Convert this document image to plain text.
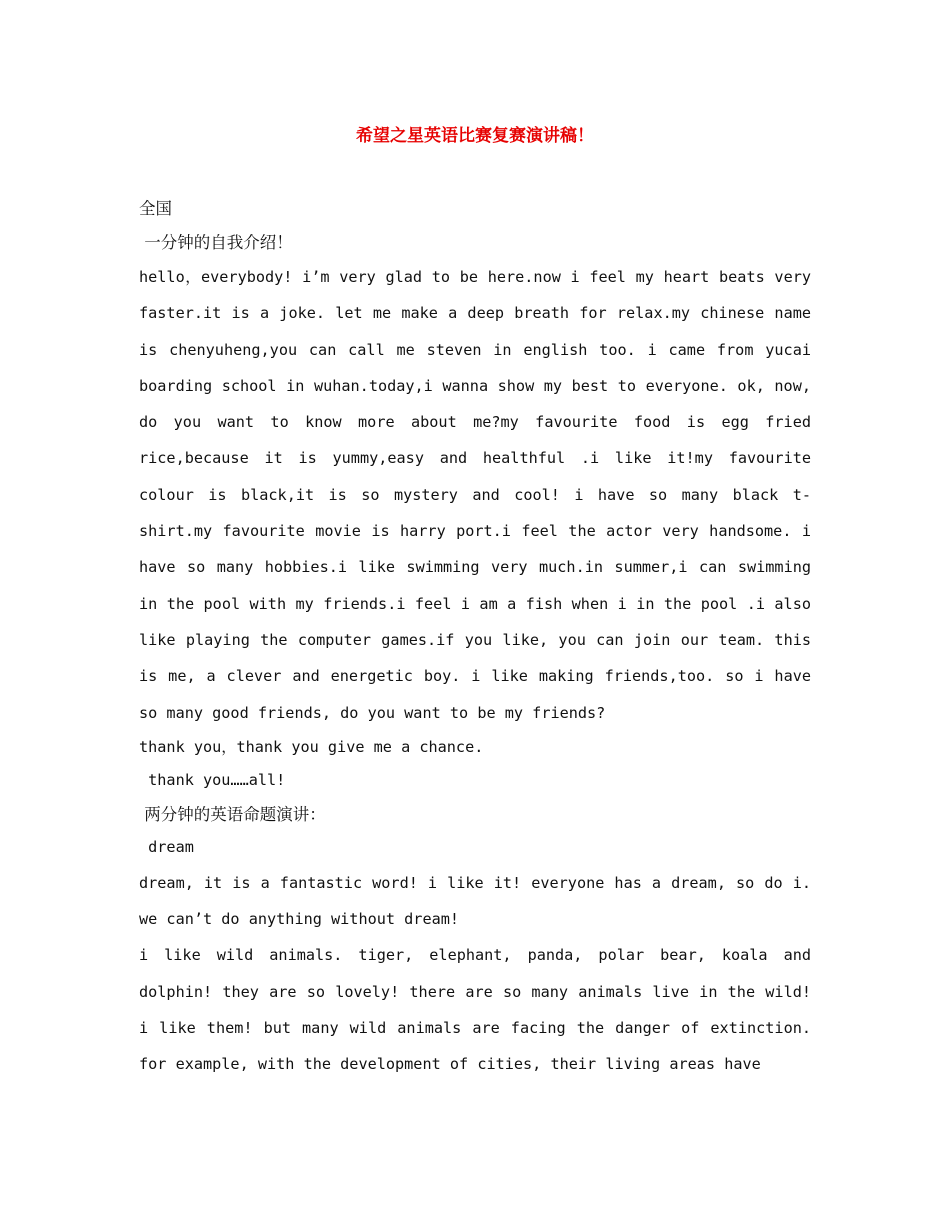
希望之星英语比赛复赛演讲稿！

全国

一分钟的自我介绍！

hello，everybody! i’m very glad to be here.now i feel my heart beats very faster.it is a joke. let me make a deep breath for relax.my chinese name is chenyuheng,you can call me steven in english too. i came from yucai boarding school in wuhan.today,i wanna show my best to everyone. ok, now, do you want to know more about me?my favourite food is egg fried rice,because it is yummy,easy and healthful .i like it!my favourite colour is black,it is so mystery and cool! i have so many black t-shirt.my favourite movie is harry port.i feel the actor very handsome. i have so many hobbies.i like swimming very much.in summer,i can swimming in the pool with my friends.i feel i am a fish when i in the pool .i also like playing the computer games.if you like, you can join our team. this is me, a clever and energetic boy. i like making friends,too. so i have so many good friends, do you want to be my friends?

thank you，thank you give me a chance.

thank you……all!

两分钟的英语命题演讲：

dream

dream, it is a fantastic word! i like it! everyone has a dream, so do i. we can’t do anything without dream!

i like wild animals. tiger, elephant, panda, polar bear, koala and dolphin! they are so lovely! there are so many animals live in the wild! i like them! but many wild animals are facing the danger of extinction. for example, with the development of cities, their living areas have
